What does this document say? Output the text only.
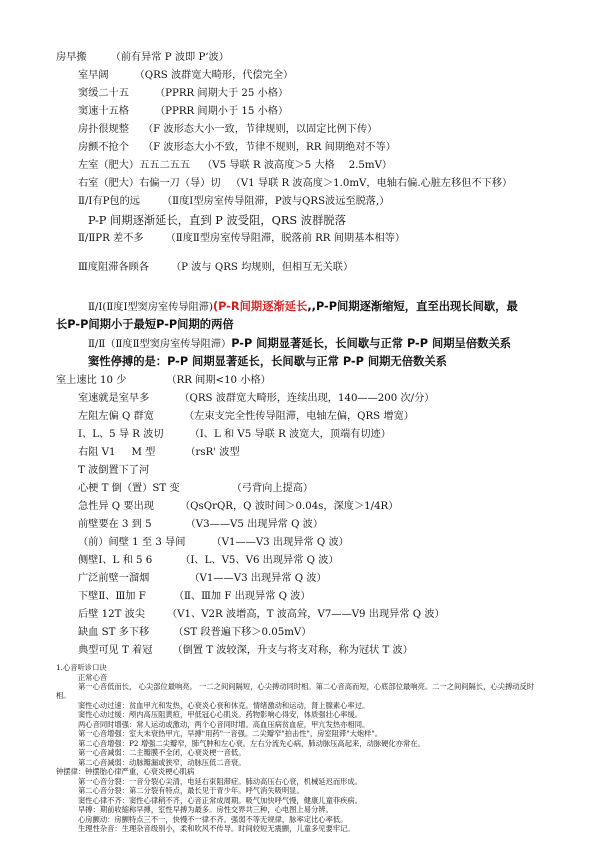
房早搬 （前有异常 P 波即 P‘波）
室早阔	（QRS 波群宽大畸形，代偿完全）
窦缓二十五	（PPRR 间期大于 25 小格）
窦速十五格	（PPRR 间期小于 15 小格）
房扑很规整 （F 波形态大小一致，节律规则，以固定比例下传）
房颤不抢个 （F 波形态大小不致，节律不规则，RR 间期绝对不等）
左室（肥大）五五二五五 （V5 导联 R 波高度＞5 大格 2.5mV）
右室（肥大）右偏一刀（导）切 （V1 导联 R 波高度＞1.0mV，电轴右偏.心脏左移但不下移）
Ⅱ/Ⅰ有P包的远 （Ⅱ度Ⅰ型房室传导阻滞，P波与QRS波远至脱落,）
P-P 间期逐渐延长，直到 P 波受阻，QRS 波群脱落
Ⅱ/ⅡPR 差不多 （Ⅱ度Ⅱ型房室传导阻滞，脱落前 RR 间期基本相等）
Ⅲ度阻滞各顾各 （P 波与 QRS 均规则，但相互无关联）
Ⅱ/Ⅰ(Ⅱ度Ⅰ型窦房室传导阻滞)(P-R间期逐渐延长,,P-P间期逐渐缩短，直至出现长间歇，最
长P-P间期小于最短P-P间期的两倍
Ⅱ/Ⅱ（Ⅱ度Ⅱ型窦房室传导阻滞）P-P 间期显著延长，长间歇与正常 P-P 间期呈倍数关系
窦性停搏的是：P-P 间期显著延长，长间歇与正常 P-P 间期无倍数关系
室上速比 10 少	（RR 间期<10 小格）
室速就是室早多	（QRS 波群宽大畸形，连续出现，140——200 次/分）
左阻左偏 Q 群宽	（左束支完全性传导阻滞，电轴左偏，QRS 增宽）
Ⅰ、L、5 导 R 波切	（Ⅰ、L 和 V5 导联 R 波宽大，顶端有切迹）
右阻 V1 M 型	（rsR' 波型
T 波倒置下了河
心梗 T 倒（置）ST 变	（弓背向上提高）
急性异 Q 要出现	（QsQrQR，Q 波时间＞0.04s，深度＞1/4R）
前壁要在 3 到 5	（V3——V5 出现异常 Q 波）
（前）间壁 1 至 3 导间	（V1——V3 出现异常 Q 波）
侧壁Ⅰ、L 和 5 6	（Ⅰ、L、V5、V6 出现异常 Q 波）
广泛前壁一溜烟	（V1——V3 出现异常 Q 波）
下壁Ⅱ、Ⅲ加 F	（Ⅱ、Ⅲ加 F 出现异常 Q 波）
后壁 12T 波尖 （V1、V2R 波增高，T 波高耸，V7——V9 出现异常 Q 波）
缺血 ST 多下移 （ST 段普遍下移＞0.05mV）
典型可见 T 着冠 （倒置 T 波较深，升支与将支对称，称为冠状 T 波）
1.心音听诊口诀
正常心音
第一心音低而长， 心尖部位最响亮。 一二之间间隔短，心尖搏动同时相。第二心音高而短，心底部位最响亮。二一之间间隔长，心尖搏动反时相。
窦性心动过速：贫血甲亢和发热，心衰炎心衰和休克。情绪激动和运动，肾上腺素心率过。
窦性心动过缓：颅内高压阻黄疸，甲低冠心心肌炎。药物影响心得安，体质强壮心率缓。
两心音同时增强：常人运动或激动，两个心音同时增。高血压病贫血症，甲亢发热亦相同。
第一心音增强：室大未衰热甲亢，早搏"用药"一音强。二尖瓣窄"拍击性"，房室阻滞"大炮样"。
第二心音增强：P2 增强二尖瓣窄，肺气肿和左心衰。左右分流先心病，肺动脉压高起来，动脉硬化亦常在。
第一心音减弱：二主瓣膜不全闭，心衰炎梗一音低。
第二心音减弱：动脉瓣漏或狭窄，动脉压低二音衰。
钟摆律：钟摆胎心律严重，心衰炎梗心肌病
第一心音分裂：一音分裂心尖清，电延右束阻滞症。肺动高压右心衰，机械延迟而形成。
第二心音分裂：第二分裂有特点，最长见于青少年。呼气消失吸明显。
窦性心律不齐：窦性心律稍不齐，心音正常成周期。吸气加快呼气慢，健康儿童菲疾病。
早搏：期前收缩称早搏，室性早搏为最多。房性交界共三种，心电图上易分辨。
心房颤动：房颤特点三不一，快慢不一律不齐。强弱不等无规律，脉率定比心率低。
生理性杂音：生理杂音级别小，柔和吹风不传导。时间较短无震颤，儿童多见要牢记。
